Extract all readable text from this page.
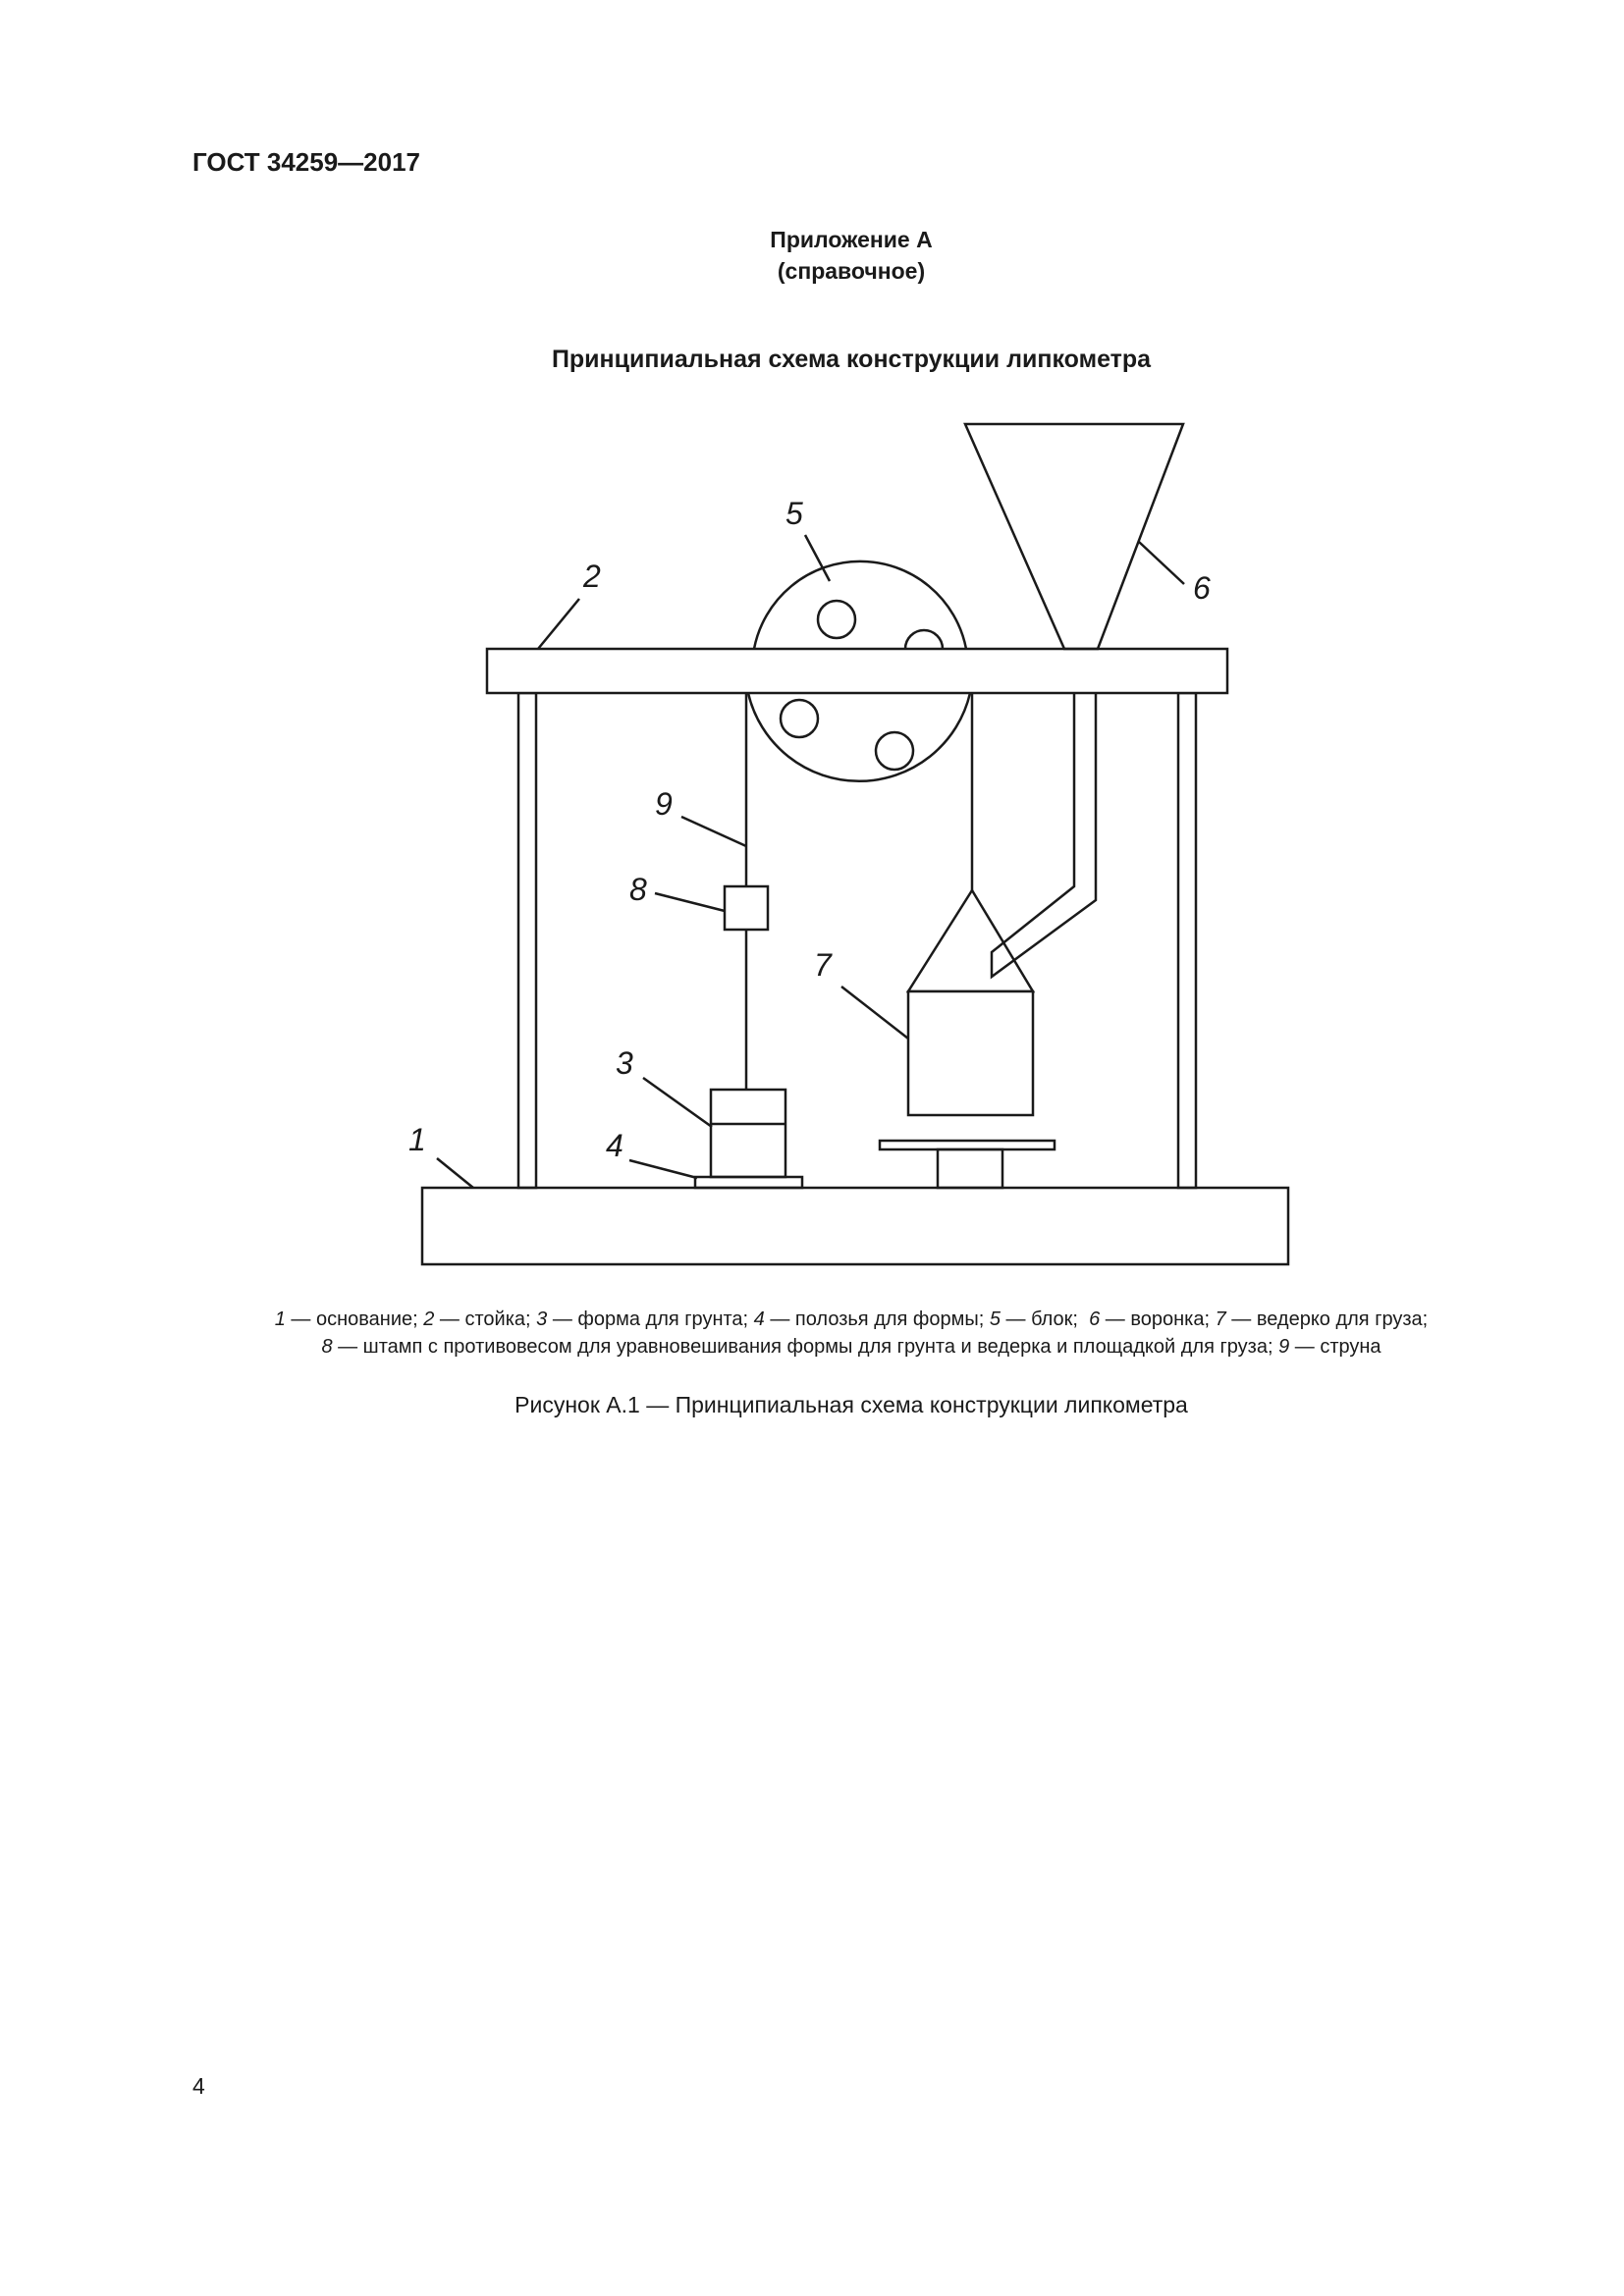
ГОСТ 34259—2017
Приложение А
(справочное)
Принципиальная схема конструкции липкометра
1
2
3
4
5
6
7
8
9
1 — основание; 2 — стойка; 3 — форма для грунта; 4 — полозья для формы; 5 — блок;  6 — воронка; 7 — ведерко для груза;
8 — штамп с противовесом для уравновешивания формы для грунта и ведерка и площадкой для груза; 9 — струна
Рисунок А.1 — Принципиальная схема конструкции липкометра
4
